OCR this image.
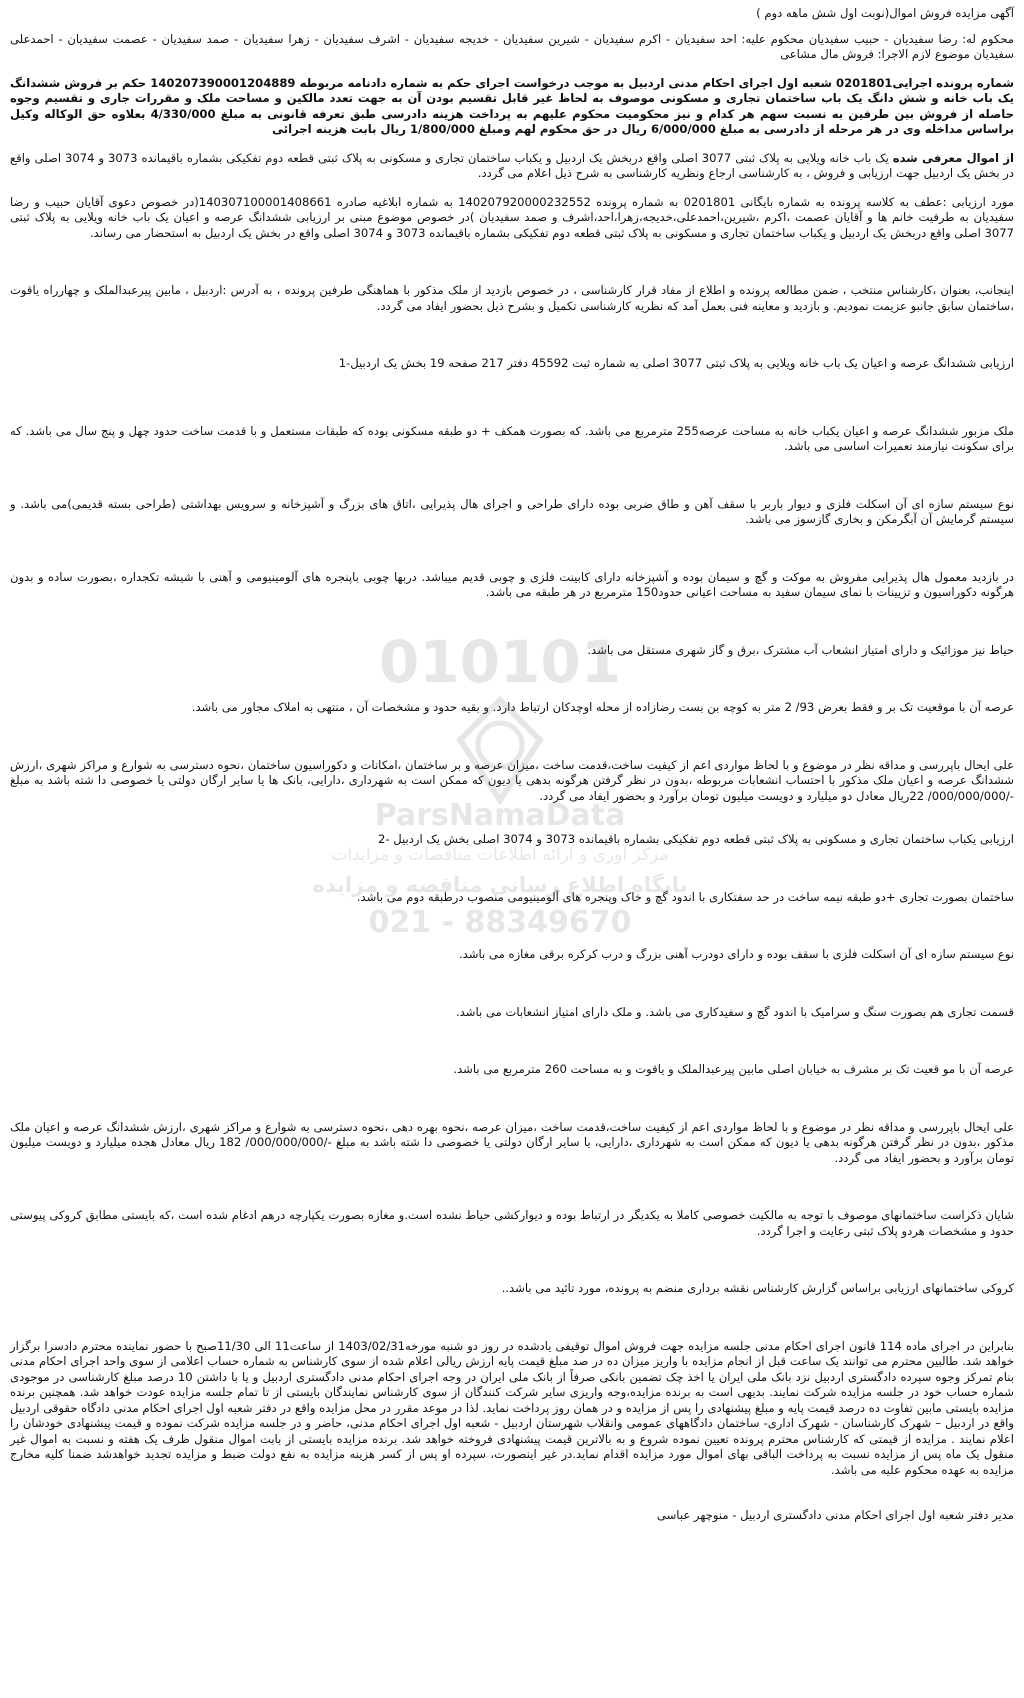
010101
ParsNamaData
مرکز آوری و ارائه اطلاعات مناقصات و مزایدات
پایگاه اطلاع رسانی مناقصه و مزایده
021 - 88349670

آگهی مزایده فروش اموال(نوبت اول شش ماهه دوم )

محکوم له: رضا سفیدیان - حبیب سفیدیان محکوم علیه: احد سفیدیان - اکرم سفیدیان - شیرین سفیدیان - خدیجه سفیدیان - اشرف سفیدیان - زهرا سفیدیان - صمد سفیدیان - عصمت سفیدیان - احمدعلی سفیدیان موضوع لازم الاجرا: فروش مال مشاعی

شماره پرونده اجرایی0201801 شعبه اول اجرای احکام مدنی اردبیل به موجب درخواست اجرای حکم به شماره دادنامه مربوطه 140207390001204889 حکم بر فروش ششدانگ یک باب خانه و شش دانگ یک باب ساختمان تجاری و مسکونی موصوف به لحاظ غیر قابل تقسیم بودن آن به جهت تعدد مالکین و مساحت ملک و مقررات جاری و تقسیم وجوه حاصله از فروش بین طرفین به نسبت سهم هر کدام و نیز محکومیت محکوم علیهم به پرداخت هزینه دادرسی طبق تعرفه قانونی به مبلغ 4/330/000 بعلاوه حق الوکاله وکیل براساس مداخله وی در هر مرحله از دادرسی به مبلغ 6/000/000 ریال در حق محکوم لهم ومبلغ 1/800/000 ریال بابت هزینه اجرائی

از اموال معرفی شده یک باب خانه ویلایی به پلاک ثبتی 3077 اصلی واقع دربخش یک اردبیل و یکباب ساختمان تجاری و مسکونی به پلاک ثبتی قطعه دوم تفکیکی بشماره باقیمانده 3073 و 3074 اصلی واقع در بخش یک اردبیل جهت ارزیابی و فروش ، به کارشناسی ارجاع ونظریه کارشناسی به شرح ذیل اعلام می گردد.

مورد ارزیابی :عطف به کلاسه پرونده به شماره بایگانی 0201801 به شماره پرونده 140207920000232552 به شماره ابلاغیه صادره 140307100001408661(در خصوص دعوی آقایان حبیب و رضا سفیدیان به طرفیت خانم ها و آقایان عصمت ،اکرم ،شیرین،احمدعلی،خدیجه،زهرا،احد،اشرف و صمد سفیدیان )در خصوص موضوع مبنی بر ارزیابی ششدانگ عرصه و اعیان یک باب خانه ویلایی به پلاک ثبتی 3077 اصلی واقع دربخش یک اردبیل و یکباب ساختمان تجاری و مسکونی به پلاک ثبتی قطعه دوم تفکیکی بشماره باقیمانده 3073 و 3074 اصلی واقع در بخش یک اردبیل به استحضار می رساند.

اینجانب، بعنوان ،کارشناس منتخب ، ضمن مطالعه پرونده و اطلاع از مفاد قرار کارشناسی ، در خصوص بازدید از ملک مذکور با هماهنگی طرفین پرونده ، به آدرس :اردبیل ، مابین پیرعبدالملک و چهارراه یاقوت ،ساختمان سابق جانبو عزیمت نمودیم. و بازدید و معاینه فنی بعمل آمد که نظریه کارشناسی تکمیل و بشرح ذیل بحضور ایفاد می گردد.

ارزیابی ششدانگ عرصه و اعیان یک باب خانه ویلایی به پلاک ثبتی 3077 اصلی به شماره ثبت 45592 دفتر 217 صفحه 19 بخش یک اردبیل-1

ملک مزبور ششدانگ عرصه و اعیان یکباب خانه به مساحت عرصه255 مترمربع می باشد. که بصورت همکف + دو طبقه مسکونی بوده که طبقات مستعمل و با قدمت ساخت حدود چهل و پنج سال می باشد. که برای سکونت نیازمند تعمیرات اساسی می باشد.

نوع سیستم سازه ای آن اسکلت فلزی و دیوار باربر با سقف آهن و طاق ضربی بوده دارای طراحی و اجرای هال پذیرایی ،اتاق های بزرگ و آشپزخانه و سرویس بهداشتی (طراحی بسته قدیمی)می باشد. و سیستم گرمایش آن آبگرمکن و بخاری گازسوز می باشد.

در بازدید معمول هال پذیرایی مفروش به موکت و گچ و سیمان بوده و آشپزخانه دارای کابینت فلزی و چوبی قدیم میباشد. دربها چوبی باپنجره های آلومینیومی و آهنی با شیشه تکجداره ،بصورت ساده و بدون هرگونه دکوراسیون و تزیینات با نمای سیمان سفید به مساحت اعیانی حدود150 مترمربع در هر طبقه می باشد.

حیاط نیز موزائیک و دارای امتیاز انشعاب آب مشترک ،برق و گاز شهری مستقل می باشد.

عرصه آن با موقعیت تک بر و فقط بعرض 93/ 2 متر به کوچه بن بست رضازاده از محله اوچدکان ارتباط دارد. و بقیه حدود و مشخصات آن ، منتهی به املاک مجاور می باشد.

علی ایحال باپررسی و مداقه نظر در موضوع و با لحاظ مواردی اعم از کیفیت ساخت،قدمت ساخت ،میزان عرصه و بر ساختمان ،امکانات و دکوراسیون ساختمان ،نحوه دسترسی به شوارع و مراکز شهری ،ارزش ششدانگ عرصه و اعیان ملک مذکور با احتساب انشعابات مربوطه ،بدون در نظر گرفتن هرگونه بدهی یا دیون که ممکن است به شهرداری ،دارایی، بانک ها یا سایر ارگان دولتی یا خصوصی دا شته باشد به مبلغ -/000/000/000/ 22ریال معادل دو میلیارد و دویست میلیون تومان برآورد و بحضور ایفاد می گردد.

ارزیابی یکباب ساختمان تجاری و مسکونی به پلاک ثبتی قطعه دوم تفکیکی بشماره باقیمانده 3073 و 3074 اصلی بخش یک اردبیل -2

ساختمان بصورت تجاری +دو طبقه نیمه ساخت در حد سفتکاری با اندود گچ و خاک وپنجره های آلومینیومی منصوب درطبقه دوم می باشد.

نوع سیستم سازه ای آن اسکلت فلزی با سقف بوده و دارای دودرب آهنی بزرگ و درب کرکره برقی مغازه می باشد.

قسمت تجاری هم بصورت سنگ و سرامیک با اندود گچ و سفیدکاری می باشد. و ملک دارای امتیاز انشعابات می باشد.

عرصه آن با مو قعیت تک بر مشرف به خیابان اصلی مابین پیرعبدالملک و یاقوت و به مساحت 260 مترمربع می باشد.

علی ایحال باپررسی و مداقه نظر در موضوع و با لحاظ مواردی اعم از کیفیت ساخت،قدمت ساخت ،میزان عرصه ،نحوه بهره دهی ،نحوه دسترسی به شوارع و مراکز شهری ،ارزش ششدانگ عرصه و اعیان ملک مذکور ،بدون در نظر گرفتن هرگونه بدهی یا دیون که ممکن است به شهرداری ،دارایی، یا سایر ارگان دولتی یا خصوصی دا شته باشد به مبلغ -/000/000/000/ 182 ریال معادل هجده میلیارد و دویست میلیون تومان برآورد و بحضور ایفاد می گردد.

شایان ذکراست ساختمانهای موصوف با توجه به مالکیت خصوصی کاملا به یکدیگر در ارتباط بوده و دیوارکشی حیاط نشده است.و مغازه بصورت یکپارچه درهم ادغام شده است ،که بایستی مطابق کروکی پیوستی حدود و مشخصات هردو پلاک ثبتی رعایت و اجرا گردد.

کروکی ساختمانهای ارزیابی براساس گزارش کارشناس نقشه برداری منضم به پرونده، مورد تائید می باشد..

بنابراین در اجرای ماده 114 قانون اجرای احکام مدنی جلسه مزایده جهت فروش اموال توقیفی یادشده در روز دو شنبه مورخه1403/02/31 از ساعت11 الی 11/30صبح با حضور نماینده محترم دادسرا برگزار خواهد شد. طالبین محترم می توانند یک ساعت قبل از انجام مزایده با واریز میزان ده در صد مبلغ قیمت پایه ارزش ریالی اعلام شده از سوی کارشناس به شماره حساب اعلامی از سوی واحد اجرای احکام مدنی بنام تمرکز وجوه سپرده دادگستری اردبیل نزد بانک ملی ایران یا اخذ چک تضمین بانکی صرفاً از بانک ملی ایران در وجه اجرای احکام مدنی دادگستری اردبیل و یا با داشتن 10 درصد مبلغ کارشناسی در موجودی شماره حساب خود در جلسه مزایده شرکت نمایند. بدیهی است به برنده مزایده،وجه واریزی سایر شرکت کنندگان از سوی کارشناس نمایندگان بایستی از تا تمام جلسه مزایده عودت خواهد شد. همچنین برنده مزایده بایستی مابین تفاوت ده درصد قیمت پایه و مبلغ پیشنهادی را پس از مزایده و در همان روز پرداخت نماید. لذا در موعد مقرر در محل مزایده واقع در دفتر شعبه اول اجرای احکام مدنی دادگاه حقوقی اردبیل واقع در اردبیل – شهرک کارشناسان - شهرک اداری- ساختمان دادگاههای عمومی وانقلاب شهرستان اردبیل - شعبه اول اجرای احکام مدنی، حاضر و در جلسه مزایده شرکت نموده و قیمت پیشنهادی خودشان را اعلام نمایند . مزایده از قیمتی که کارشناس محترم پرونده تعیین نموده شروع و به بالاترین قیمت پیشنهادی فروخته خواهد شد. برنده مزایده بایستی از بابت اموال منقول ظرف یک هفته و نسبت به اموال غیر منقول یک ماه پس از مزایده نسبت به پرداخت الباقی بهای اموال مورد مزایده اقدام نماید.در غیر اینصورت، سپرده او پس از کسر هزینه مزایده به نفع دولت ضبط و مزایده تجدید خواهدشد ضمنا کلیه مخارج مزایده به عهده محکوم علیه می باشد.

مدیر دفتر شعبه اول اجرای احکام مدنی دادگستری اردبیل - منوچهر عباسی
